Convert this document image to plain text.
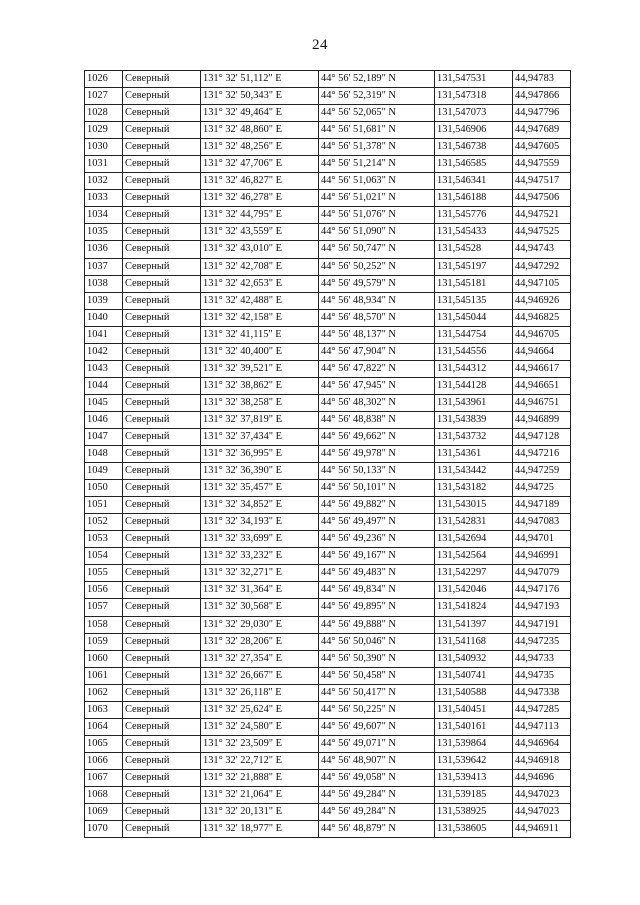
24
1026	Северный	131° 32' 51,112" E	44° 56' 52,189" N	131,547531	44,94783
1027	Северный	131° 32' 50,343" E	44° 56' 52,319" N	131,547318	44,947866
1028	Северный	131° 32' 49,464" E	44° 56' 52,065" N	131,547073	44,947796
1029	Северный	131° 32' 48,860" E	44° 56' 51,681" N	131,546906	44,947689
1030	Северный	131° 32' 48,256" E	44° 56' 51,378" N	131,546738	44,947605
1031	Северный	131° 32' 47,706" E	44° 56' 51,214" N	131,546585	44,947559
1032	Северный	131° 32' 46,827" E	44° 56' 51,063" N	131,546341	44,947517
1033	Северный	131° 32' 46,278" E	44° 56' 51,021" N	131,546188	44,947506
1034	Северный	131° 32' 44,795" E	44° 56' 51,076" N	131,545776	44,947521
1035	Северный	131° 32' 43,559" E	44° 56' 51,090" N	131,545433	44,947525
1036	Северный	131° 32' 43,010" E	44° 56' 50,747" N	131,54528	44,94743
1037	Северный	131° 32' 42,708" E	44° 56' 50,252" N	131,545197	44,947292
1038	Северный	131° 32' 42,653" E	44° 56' 49,579" N	131,545181	44,947105
1039	Северный	131° 32' 42,488" E	44° 56' 48,934" N	131,545135	44,946926
1040	Северный	131° 32' 42,158" E	44° 56' 48,570" N	131,545044	44,946825
1041	Северный	131° 32' 41,115" E	44° 56' 48,137" N	131,544754	44,946705
1042	Северный	131° 32' 40,400" E	44° 56' 47,904" N	131,544556	44,94664
1043	Северный	131° 32' 39,521" E	44° 56' 47,822" N	131,544312	44,946617
1044	Северный	131° 32' 38,862" E	44° 56' 47,945" N	131,544128	44,946651
1045	Северный	131° 32' 38,258" E	44° 56' 48,302" N	131,543961	44,946751
1046	Северный	131° 32' 37,819" E	44° 56' 48,838" N	131,543839	44,946899
1047	Северный	131° 32' 37,434" E	44° 56' 49,662" N	131,543732	44,947128
1048	Северный	131° 32' 36,995" E	44° 56' 49,978" N	131,54361	44,947216
1049	Северный	131° 32' 36,390" E	44° 56' 50,133" N	131,543442	44,947259
1050	Северный	131° 32' 35,457" E	44° 56' 50,101" N	131,543182	44,94725
1051	Северный	131° 32' 34,852" E	44° 56' 49,882" N	131,543015	44,947189
1052	Северный	131° 32' 34,193" E	44° 56' 49,497" N	131,542831	44,947083
1053	Северный	131° 32' 33,699" E	44° 56' 49,236" N	131,542694	44,94701
1054	Северный	131° 32' 33,232" E	44° 56' 49,167" N	131,542564	44,946991
1055	Северный	131° 32' 32,271" E	44° 56' 49,483" N	131,542297	44,947079
1056	Северный	131° 32' 31,364" E	44° 56' 49,834" N	131,542046	44,947176
1057	Северный	131° 32' 30,568" E	44° 56' 49,895" N	131,541824	44,947193
1058	Северный	131° 32' 29,030" E	44° 56' 49,888" N	131,541397	44,947191
1059	Северный	131° 32' 28,206" E	44° 56' 50,046" N	131,541168	44,947235
1060	Северный	131° 32' 27,354" E	44° 56' 50,390" N	131,540932	44,94733
1061	Северный	131° 32' 26,667" E	44° 56' 50,458" N	131,540741	44,94735
1062	Северный	131° 32' 26,118" E	44° 56' 50,417" N	131,540588	44,947338
1063	Северный	131° 32' 25,624" E	44° 56' 50,225" N	131,540451	44,947285
1064	Северный	131° 32' 24,580" E	44° 56' 49,607" N	131,540161	44,947113
1065	Северный	131° 32' 23,509" E	44° 56' 49,071" N	131,539864	44,946964
1066	Северный	131° 32' 22,712" E	44° 56' 48,907" N	131,539642	44,946918
1067	Северный	131° 32' 21,888" E	44° 56' 49,058" N	131,539413	44,94696
1068	Северный	131° 32' 21,064" E	44° 56' 49,284" N	131,539185	44,947023
1069	Северный	131° 32' 20,131" E	44° 56' 49,284" N	131,538925	44,947023
1070	Северный	131° 32' 18,977" E	44° 56' 48,879" N	131,538605	44,946911
